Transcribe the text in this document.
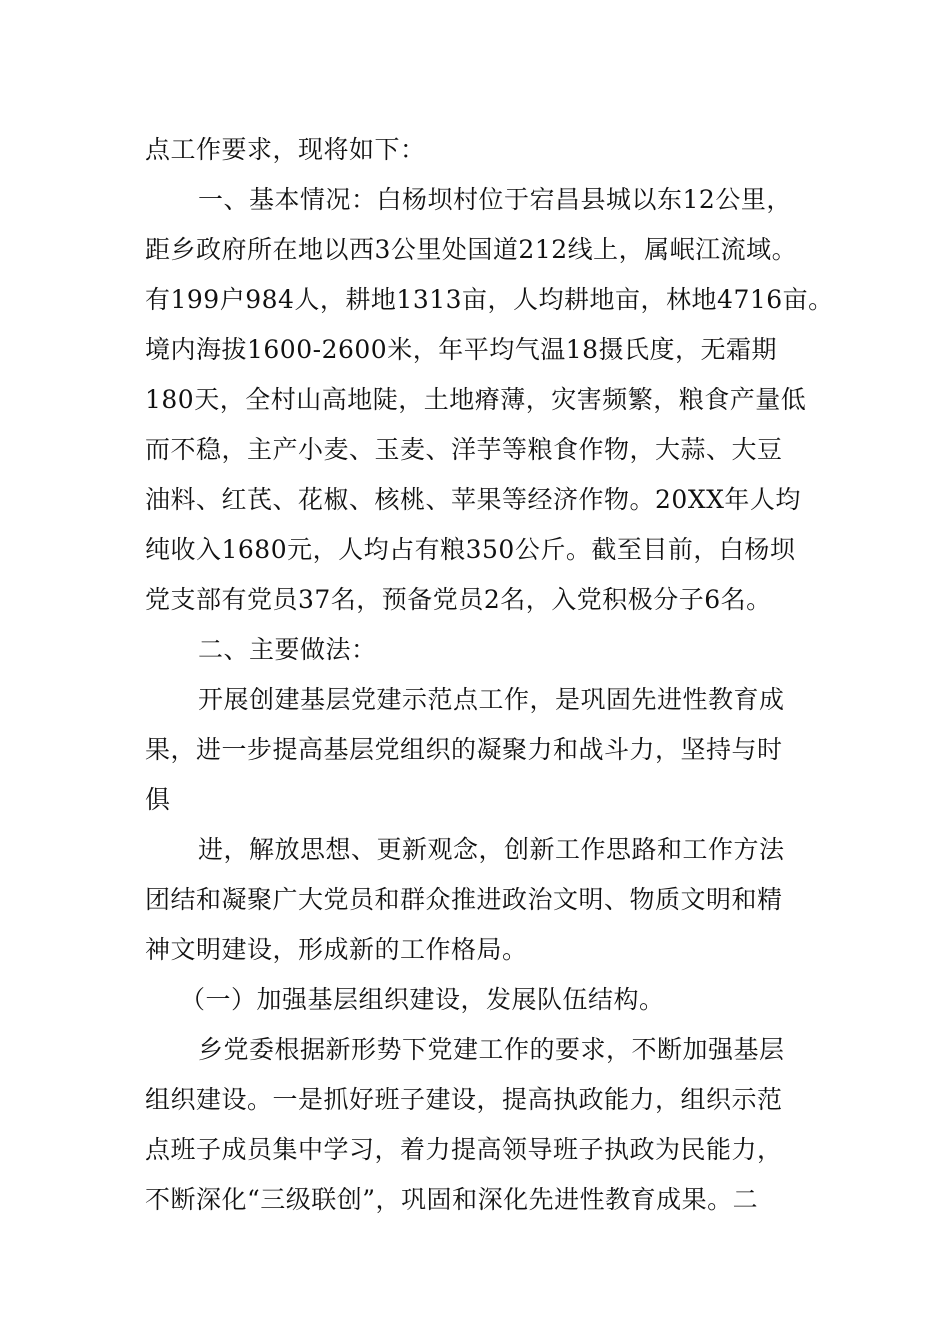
点工作要求，现将如下：
一、基本情况：白杨坝村位于宕昌县城以东12公里，
距乡政府所在地以西3公里处国道212线上，属岷江流域。
有199户984人，耕地1313亩，人均耕地亩，林地4716亩。
境内海拔1600-2600米，年平均气温18摄氏度，无霜期
180天，全村山高地陡，土地瘠薄，灾害频繁，粮食产量低
而不稳，主产小麦、玉麦、洋芋等粮食作物，大蒜、大豆
油料、红芪、花椒、核桃、苹果等经济作物。20XX年人均
纯收入1680元，人均占有粮350公斤。截至目前，白杨坝
党支部有党员37名，预备党员2名，入党积极分子6名。
二、主要做法：
开展创建基层党建示范点工作，是巩固先进性教育成
果，进一步提高基层党组织的凝聚力和战斗力，坚持与时
俱
进，解放思想、更新观念，创新工作思路和工作方法
团结和凝聚广大党员和群众推进政治文明、物质文明和精
神文明建设，形成新的工作格局。
（一）加强基层组织建设，发展队伍结构。
乡党委根据新形势下党建工作的要求，不断加强基层
组织建设。一是抓好班子建设，提高执政能力，组织示范
点班子成员集中学习，着力提高领导班子执政为民能力，
不断深化“三级联创”，巩固和深化先进性教育成果。二
